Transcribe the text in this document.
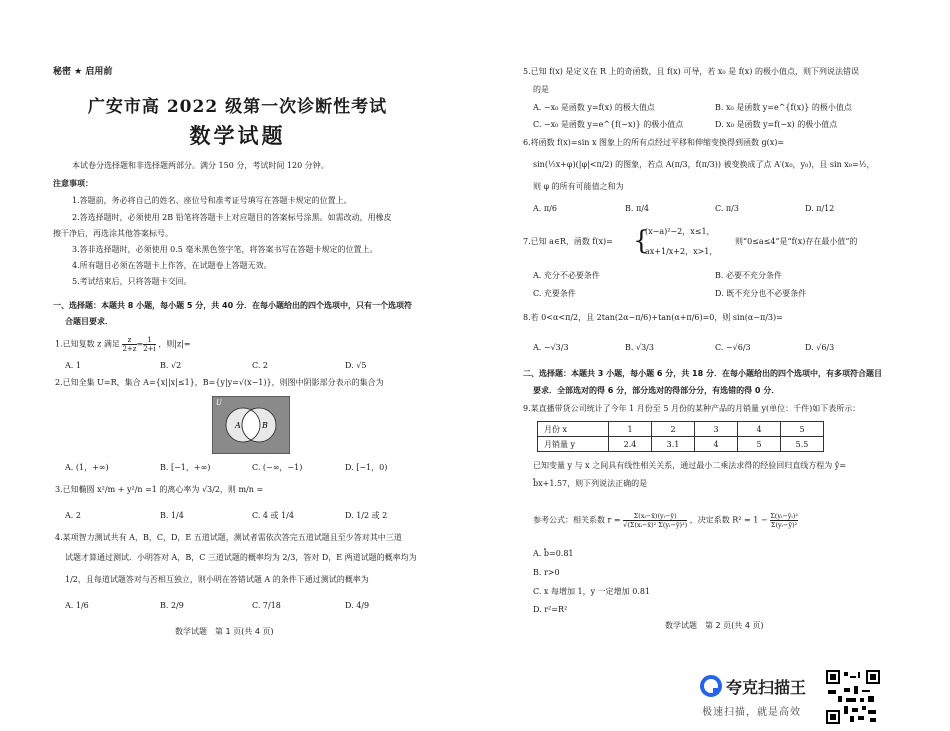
秘密 ★ 启用前
广安市高 2022 级第一次诊断性考试
数学试题
本试卷分选择题和非选择题两部分。满分 150 分，考试时间 120 分钟。
注意事项：
1.答题前，务必将自己的姓名、座位号和准考证号填写在答题卡规定的位置上。
2.答选择题时，必须使用 2B 铅笔将答题卡上对应题目的答案标号涂黑。如需改动，用橡皮
擦干净后，再选涂其他答案标号。
3.答非选择题时，必须使用 0.5 毫米黑色签字笔，将答案书写在答题卡规定的位置上。
4.所有题目必须在答题卡上作答，在试题卷上答题无效。
5.考试结束后，只将答题卡交回。
一、选择题：本题共 8 小题，每小题 5 分，共 40 分．在每小题给出的四个选项中，只有一个选项符
合题目要求．
1.已知复数 z 满足 $\frac{z}{2+z} = \frac{1}{2+i}$ ，则|z|=
A. 1	B. √2	C. 2	D. √5
2.已知全集 U=R，集合 A={x||x|≤1}，B={y|y=√(x−1)}，则图中阴影部分表示的集合为
U
A	B
A. (1，+∞)	B. [−1，+∞)	C. (−∞，−1)	D. [−1，0)
3.已知椭圆 x²/m + y²/n =1 的离心率为 √3/2，则 m/n =
A. 2	B. 1/4	C. 4 或 1/4	D. 1/2 或 2
4.某项智力测试共有 A，B，C，D，E 五道试题，测试者需依次答完五道试题且至少答对其中三道
试题才算通过测试．小明答对 A，B，C 三道试题的概率均为 2/3，答对 D，E 两道试题的概率均为
1/2，且每道试题答对与否相互独立，则小明在答错试题 A 的条件下通过测试的概率为
A. 1/6	B. 2/9	C. 7/18	D. 4/9
数学试题　第 1 页(共 4 页)
5.已知 f(x) 是定义在 R 上的奇函数，且 f(x) 可导，若 x₀ 是 f(x) 的极小值点，则下列说法错误
的是
A. −x₀ 是函数 y=f(x) 的极大值点	B. x₀ 是函数 y=e^{f(x)} 的极小值点
C. −x₀ 是函数 y=e^{f(−x)} 的极小值点	D. x₀ 是函数 y=f(−x) 的极小值点
6.将函数 f(x)=sin x 图象上的所有点经过平移和伸缩变换得到函数 g(x)=
sin(½x+φ)(|φ|<π/2) 的图象，若点 A(π/3，f(π/3)) 被变换成了点 A′(x₀，y₀)，且 sin x₀=½，
则 φ 的所有可能值之和为
A. π/6	B. π/4	C. π/3	D. π/12
7.已知 a∈R，函数 f(x)= {
(x−a)²−2，x≤1，
ax+1/x+2，x>1，
则“0≤a≤4”是“f(x)存在最小值”的
A. 充分不必要条件	B. 必要不充分条件
C. 充要条件	D. 既不充分也不必要条件
8.若 0<α<π/2，且 2tan(2α−π/6)+tan(α+π/6)=0，则 sin(α−π/3)=
A. −√3/3	B. √3/3	C. −√6/3	D. √6/3
二、选择题：本题共 3 小题，每小题 6 分，共 18 分．在每小题给出的四个选项中，有多项符合题目
要求．全部选对的得 6 分，部分选对的得部分分，有选错的得 0 分．
9.某直播带货公司统计了今年 1 月份至 5 月份的某种产品的月销量 y(单位：千件)如下表所示：
月份 x	1	2	3	4	5
月销量 y	2.4	3.1	4	5	5.5
已知变量 y 与 x 之间具有线性相关关系，通过最小二乘法求得的经验回归直线方程为 ŷ=
b̂x+1.57，则下列说法正确的是
参考公式：相关系数 $r = \frac{\text{Σ(xᵢ−x̄)(yᵢ−ȳ)}}{\text{√(Σ(xᵢ−x̄)² Σ(yᵢ−ȳ)²)}}$ ，决定系数 $R^2 = 1 - \frac{\text{Σ(yᵢ−ŷᵢ)²}}{\text{Σ(yᵢ−ȳ)²}}$
A. b̂=0.81
B. r>0
C. x 每增加 1，y 一定增加 0.81
D. r²=R²
数学试题　第 2 页(共 4 页)
夸克扫描王
极速扫描，就是高效
